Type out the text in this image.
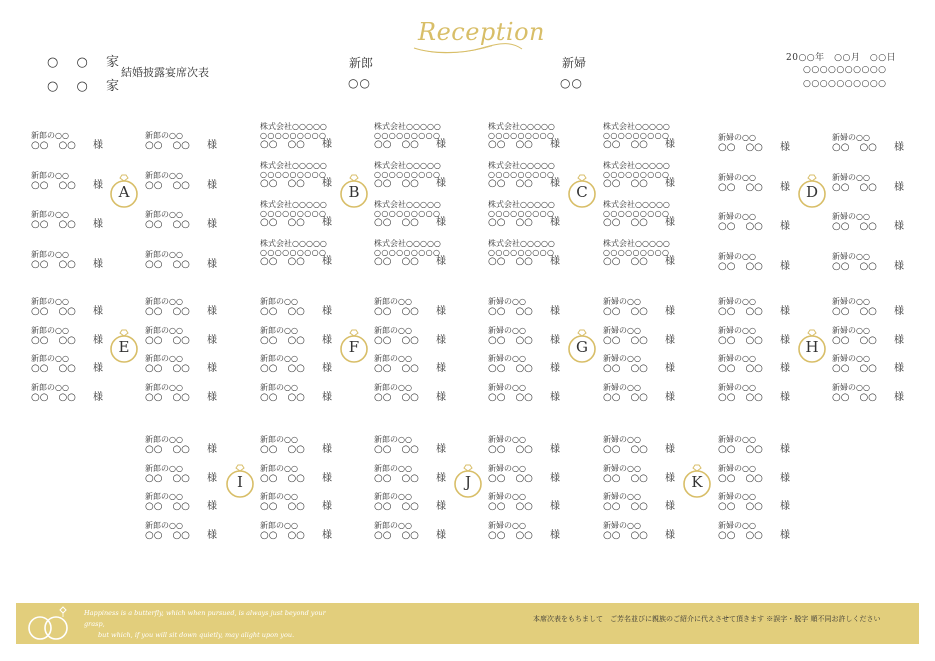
Reception
○ ○ 家
○ ○ 家
結婚披露宴席次表
新郎
○○
新婦
○○
20○○年　○○月　○○日
○○○○○○○○○○
○○○○○○○○○○
新郎の○○
○○　○○ 様
新郎の○○
○○　○○ 様
新郎の○○
○○　○○ 様
新郎の○○
○○　○○ 様
新郎の○○
○○　○○ 様
新郎の○○
○○　○○ 様
新郎の○○
○○　○○ 様
新郎の○○
○○　○○ 様
A
株式会社○○○○○
○○○○○○○○○
○○　○○ 様
株式会社○○○○○
○○○○○○○○○
○○　○○ 様
株式会社○○○○○
○○○○○○○○○
○○　○○ 様
株式会社○○○○○
○○○○○○○○○
○○　○○ 様
株式会社○○○○○
○○○○○○○○○
○○　○○ 様
株式会社○○○○○
○○○○○○○○○
○○　○○ 様
株式会社○○○○○
○○○○○○○○○
○○　○○ 様
株式会社○○○○○
○○○○○○○○○
○○　○○ 様
B
株式会社○○○○○
○○○○○○○○○
○○　○○ 様
株式会社○○○○○
○○○○○○○○○
○○　○○ 様
株式会社○○○○○
○○○○○○○○○
○○　○○ 様
株式会社○○○○○
○○○○○○○○○
○○　○○ 様
株式会社○○○○○
○○○○○○○○○
○○　○○ 様
株式会社○○○○○
○○○○○○○○○
○○　○○ 様
株式会社○○○○○
○○○○○○○○○
○○　○○ 様
株式会社○○○○○
○○○○○○○○○
○○　○○ 様
C
新婦の○○
○○　○○ 様
新婦の○○
○○　○○ 様
新婦の○○
○○　○○ 様
新婦の○○
○○　○○ 様
新婦の○○
○○　○○ 様
新婦の○○
○○　○○ 様
新婦の○○
○○　○○ 様
新婦の○○
○○　○○ 様
D
新郎の○○
○○　○○ 様
新郎の○○
○○　○○ 様
新郎の○○
○○　○○ 様
新郎の○○
○○　○○ 様
新郎の○○
○○　○○ 様
新郎の○○
○○　○○ 様
新郎の○○
○○　○○ 様
新郎の○○
○○　○○ 様
E
新郎の○○
○○　○○ 様
新郎の○○
○○　○○ 様
新郎の○○
○○　○○ 様
新郎の○○
○○　○○ 様
新郎の○○
○○　○○ 様
新郎の○○
○○　○○ 様
新郎の○○
○○　○○ 様
新郎の○○
○○　○○ 様
F
新婦の○○
○○　○○ 様
新婦の○○
○○　○○ 様
新婦の○○
○○　○○ 様
新婦の○○
○○　○○ 様
新婦の○○
○○　○○ 様
新婦の○○
○○　○○ 様
新婦の○○
○○　○○ 様
新婦の○○
○○　○○ 様
G
新婦の○○
○○　○○ 様
新婦の○○
○○　○○ 様
新婦の○○
○○　○○ 様
新婦の○○
○○　○○ 様
新婦の○○
○○　○○ 様
新婦の○○
○○　○○ 様
新婦の○○
○○　○○ 様
新婦の○○
○○　○○ 様
H
新郎の○○
○○　○○ 様
新郎の○○
○○　○○ 様
新郎の○○
○○　○○ 様
新郎の○○
○○　○○ 様
新郎の○○
○○　○○ 様
新郎の○○
○○　○○ 様
新郎の○○
○○　○○ 様
新郎の○○
○○　○○ 様
I
新郎の○○
○○　○○ 様
新郎の○○
○○　○○ 様
新郎の○○
○○　○○ 様
新郎の○○
○○　○○ 様
新婦の○○
○○　○○ 様
新婦の○○
○○　○○ 様
新婦の○○
○○　○○ 様
新婦の○○
○○　○○ 様
J
新婦の○○
○○　○○ 様
新婦の○○
○○　○○ 様
新婦の○○
○○　○○ 様
新婦の○○
○○　○○ 様
新婦の○○
○○　○○ 様
新婦の○○
○○　○○ 様
新婦の○○
○○　○○ 様
新婦の○○
○○　○○ 様
K
Happiness is a butterfly, which when pursued, is always just beyond your grasp,
but which, if you will sit down quietly, may alight upon you.
本席次表をもちまして　ご芳名並びに親族のご紹介に代えさせて頂きます ※誤字・脱字 順不同お許しください
